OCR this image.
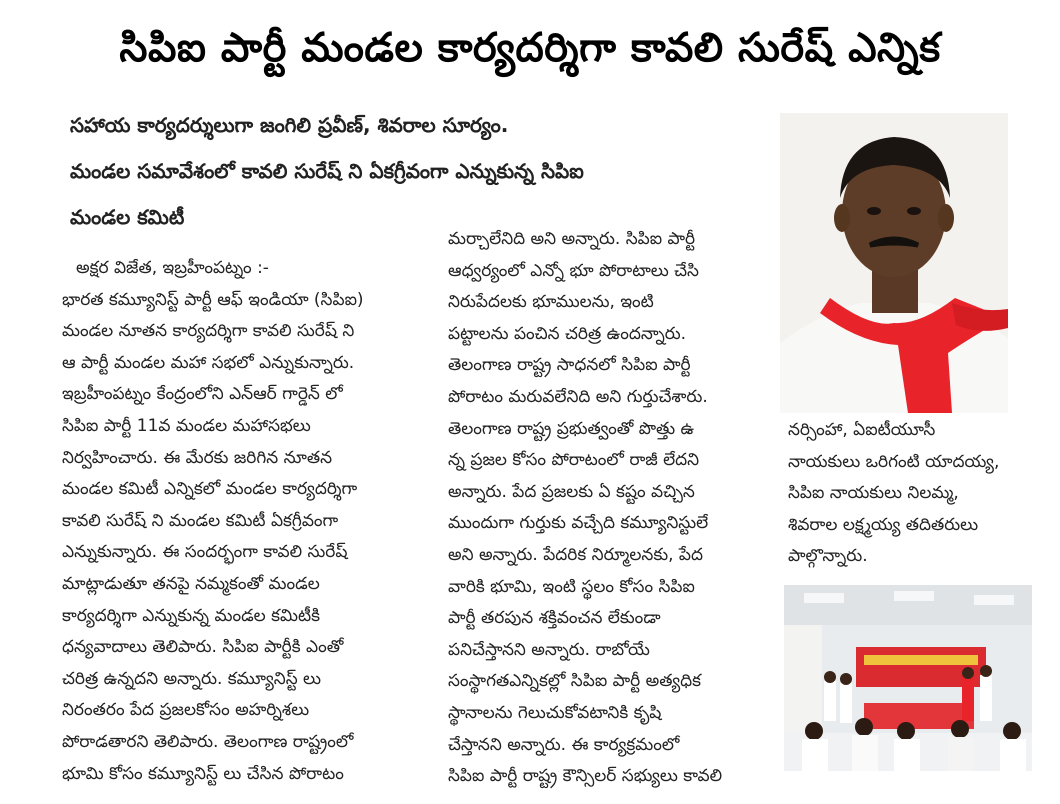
సిపిఐ పార్టీ మండల కార్యదర్శిగా కావలి సురేష్ ఎన్నిక
సహాయ కార్యదర్శులుగా జంగిలి ప్రవీణ్, శివరాల సూర్యం.
మండల సమావేశంలో కావలి సురేష్ ని ఏకగ్రీవంగా ఎన్నుకున్న సిపిఐ
మండల కమిటీ
అక్షర విజేత, ఇబ్రహీంపట్నం :-
భారత కమ్యూనిస్ట్ పార్టీ ఆఫ్ ఇండియా (సిపిఐ)
మండల నూతన కార్యదర్శిగా కావలి సురేష్ ని
ఆ పార్టీ మండల మహా సభలో ఎన్నుకున్నారు.
ఇబ్రహీంపట్నం కేంద్రంలోని ఎన్ఆర్ గార్డెన్ లో
సిపిఐ పార్టీ 11వ మండల మహాసభలు
నిర్వహించారు. ఈ మేరకు జరిగిన నూతన
మండల కమిటీ ఎన్నికలో మండల కార్యదర్శిగా
కావలి సురేష్ ని మండల కమిటీ ఏకగ్రీవంగా
ఎన్నుకున్నారు. ఈ సందర్భంగా కావలి సురేష్
మాట్లాడుతూ తనపై నమ్మకంతో మండల
కార్యదర్శిగా ఎన్నుకున్న మండల కమిటీకి
ధన్యవాదాలు తెలిపారు. సిపిఐ పార్టీకి ఎంతో
చరిత్ర ఉన్నదని అన్నారు. కమ్యూనిస్ట్ లు
నిరంతరం పేద ప్రజలకోసం అహర్నిశలు
పోరాడతారని తెలిపారు. తెలంగాణ రాష్ట్రంలో
భూమి కోసం కమ్యూనిస్ట్ లు చేసిన పోరాటం
మర్చాలేనిది అని అన్నారు. సిపిఐ పార్టీ
ఆధ్వర్యంలో ఎన్నో భూ పోరాటాలు చేసి
నిరుపేదలకు భూములను, ఇంటి
పట్టాలను పంచిన చరిత్ర ఉందన్నారు.
తెలంగాణ రాష్ట్ర సాధనలో సిపిఐ పార్టీ
పోరాటం మరువలేనిది అని గుర్తుచేశారు.
తెలంగాణ రాష్ట్ర ప్రభుత్వంతో పొత్తు ఉ
న్న ప్రజల కోసం పోరాటంలో రాజీ లేదని
అన్నారు. పేద ప్రజలకు ఏ కష్టం వచ్చిన
ముందుగా గుర్తుకు వచ్చేది కమ్యూనిస్టులే
అని అన్నారు. పేదరిక నిర్మూలనకు, పేద
వారికి భూమి, ఇంటి స్థలం కోసం సిపిఐ
పార్టీ తరపున శక్తివంచన లేకుండా
పనిచేస్తానని అన్నారు. రాబోయే
సంస్థాగతఎన్నికల్లో సిపిఐ పార్టీ అత్యధిక
స్థానాలను గెలుచుకోవటానికి కృషి
చేస్తానని అన్నారు. ఈ కార్యక్రమంలో
సిపిఐ పార్టీ రాష్ట్ర కౌన్సిలర్ సభ్యులు కావలి
నర్సింహా, ఏఐటీయూసీ
నాయకులు ఒరిగంటి యాదయ్య,
సిపిఐ నాయకులు నిలమ్మ,
శివరాల లక్ష్మయ్య తదితరులు
పాల్గొన్నారు.
